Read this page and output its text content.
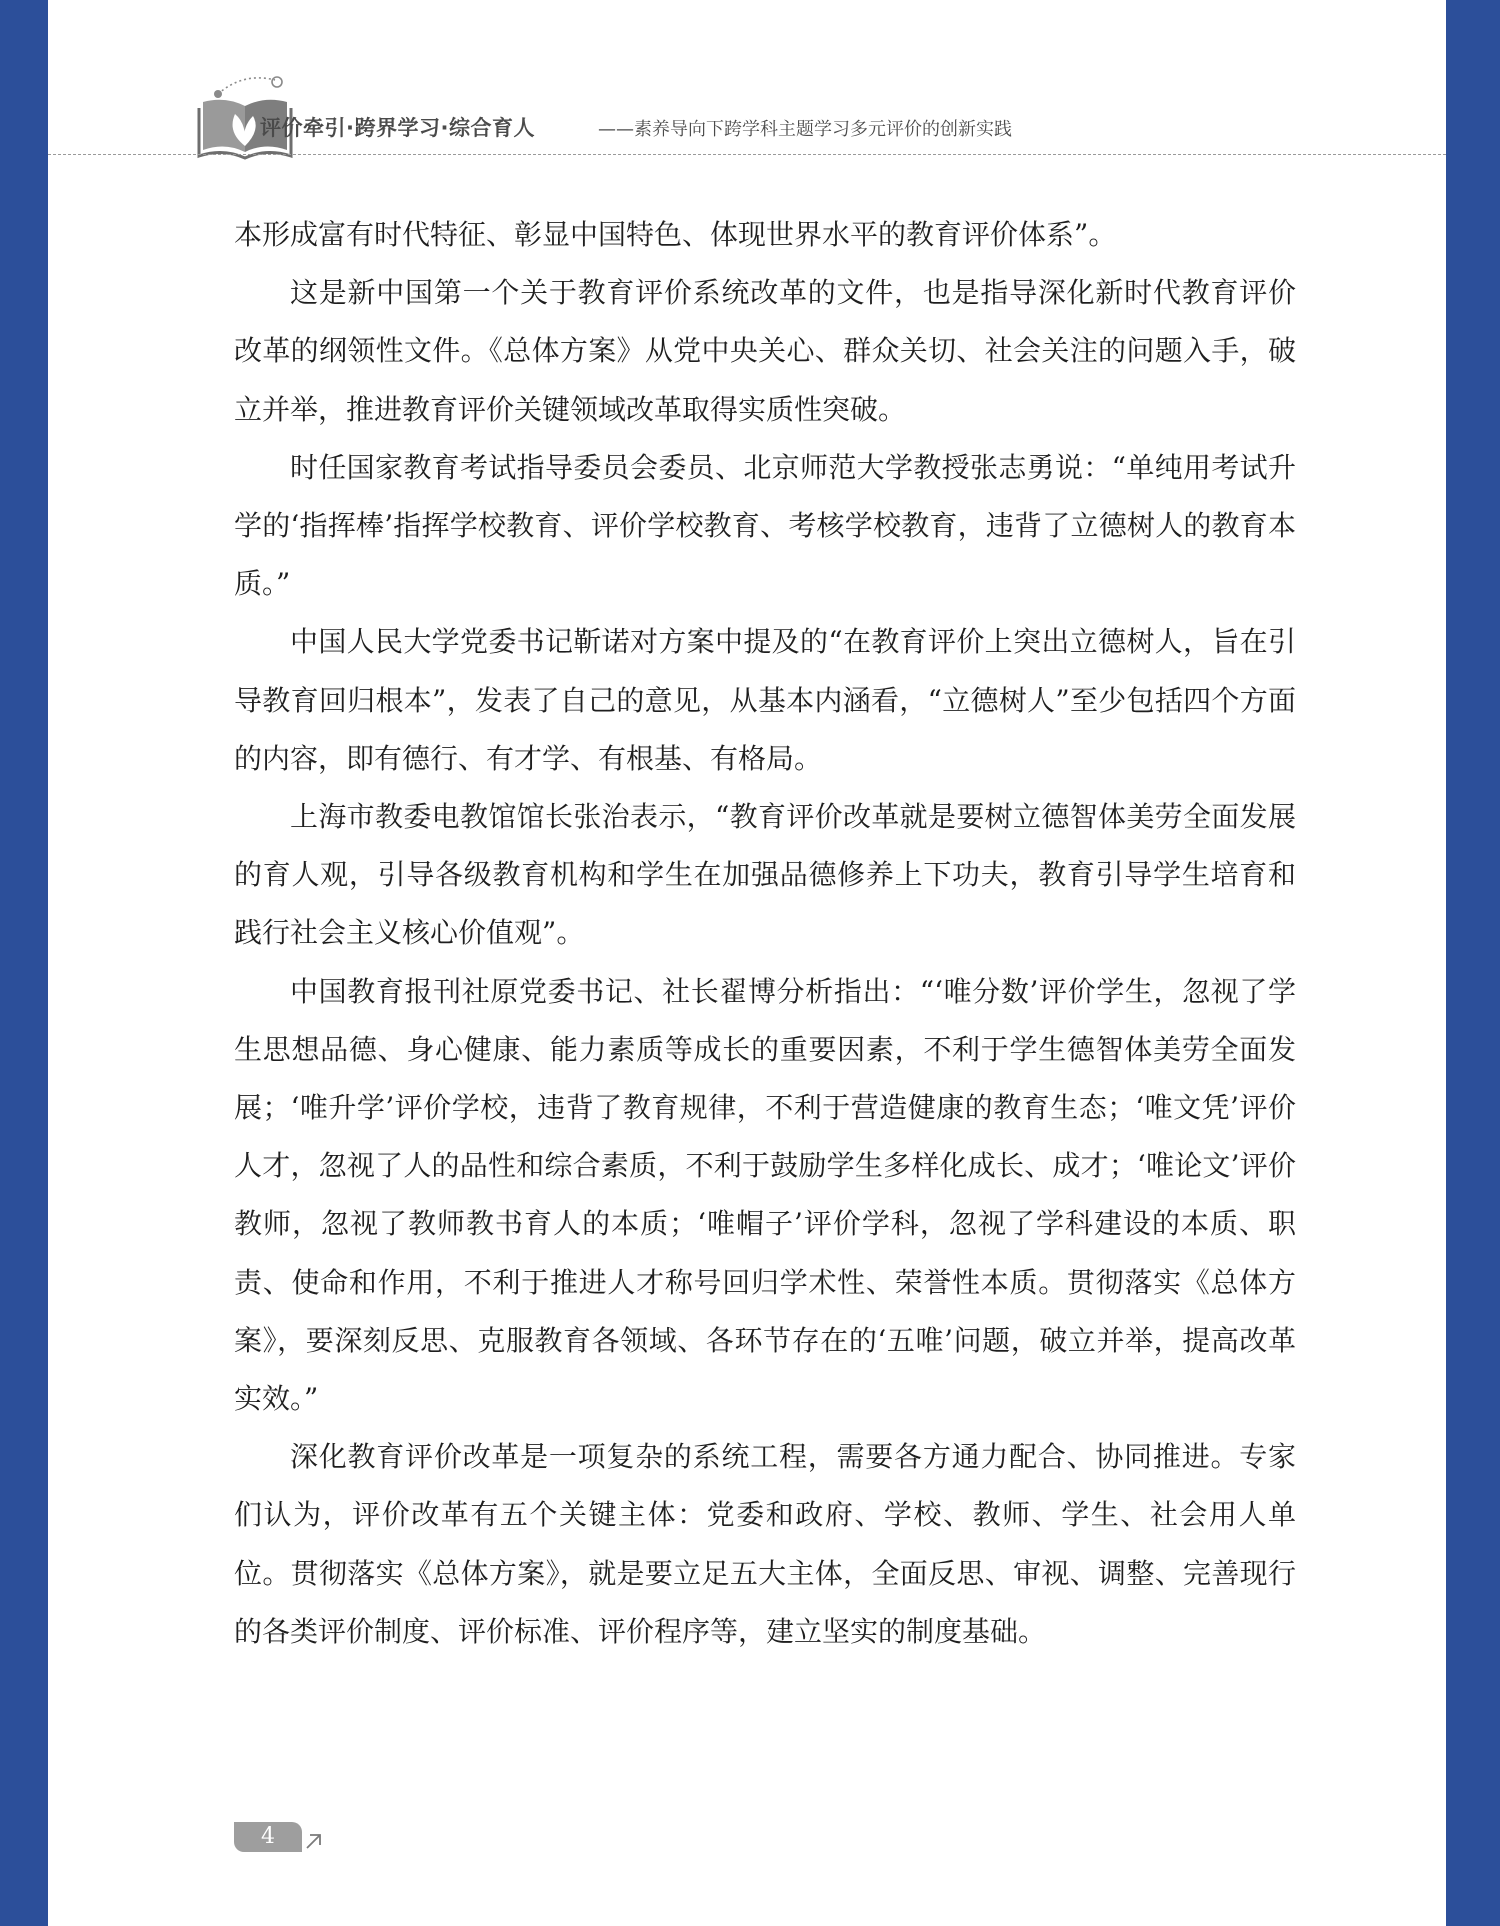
评价牵引·跨界学习·综合育人	——素养导向下跨学科主题学习多元评价的创新实践

本形成富有时代特征、彰显中国特色、体现世界水平的教育评价体系”。

这是新中国第一个关于教育评价系统改革的文件，也是指导深化新时代教育评价改革的纲领性文件。《总体方案》从党中央关心、群众关切、社会关注的问题入手，破立并举，推进教育评价关键领域改革取得实质性突破。

时任国家教育考试指导委员会委员、北京师范大学教授张志勇说：“单纯用考试升学的‘指挥棒’指挥学校教育、评价学校教育、考核学校教育，违背了立德树人的教育本质。”

中国人民大学党委书记靳诺对方案中提及的“在教育评价上突出立德树人，旨在引导教育回归根本”，发表了自己的意见，从基本内涵看，“立德树人”至少包括四个方面的内容，即有德行、有才学、有根基、有格局。

上海市教委电教馆馆长张治表示，“教育评价改革就是要树立德智体美劳全面发展的育人观，引导各级教育机构和学生在加强品德修养上下功夫，教育引导学生培育和践行社会主义核心价值观”。

中国教育报刊社原党委书记、社长翟博分析指出：“‘唯分数’评价学生，忽视了学生思想品德、身心健康、能力素质等成长的重要因素，不利于学生德智体美劳全面发展；‘唯升学’评价学校，违背了教育规律，不利于营造健康的教育生态；‘唯文凭’评价人才，忽视了人的品性和综合素质，不利于鼓励学生多样化成长、成才；‘唯论文’评价教师，忽视了教师教书育人的本质；‘唯帽子’评价学科，忽视了学科建设的本质、职责、使命和作用，不利于推进人才称号回归学术性、荣誉性本质。贯彻落实《总体方案》，要深刻反思、克服教育各领域、各环节存在的‘五唯’问题，破立并举，提高改革实效。”

深化教育评价改革是一项复杂的系统工程，需要各方通力配合、协同推进。专家们认为，评价改革有五个关键主体：党委和政府、学校、教师、学生、社会用人单位。贯彻落实《总体方案》，就是要立足五大主体，全面反思、审视、调整、完善现行的各类评价制度、评价标准、评价程序等，建立坚实的制度基础。

4
